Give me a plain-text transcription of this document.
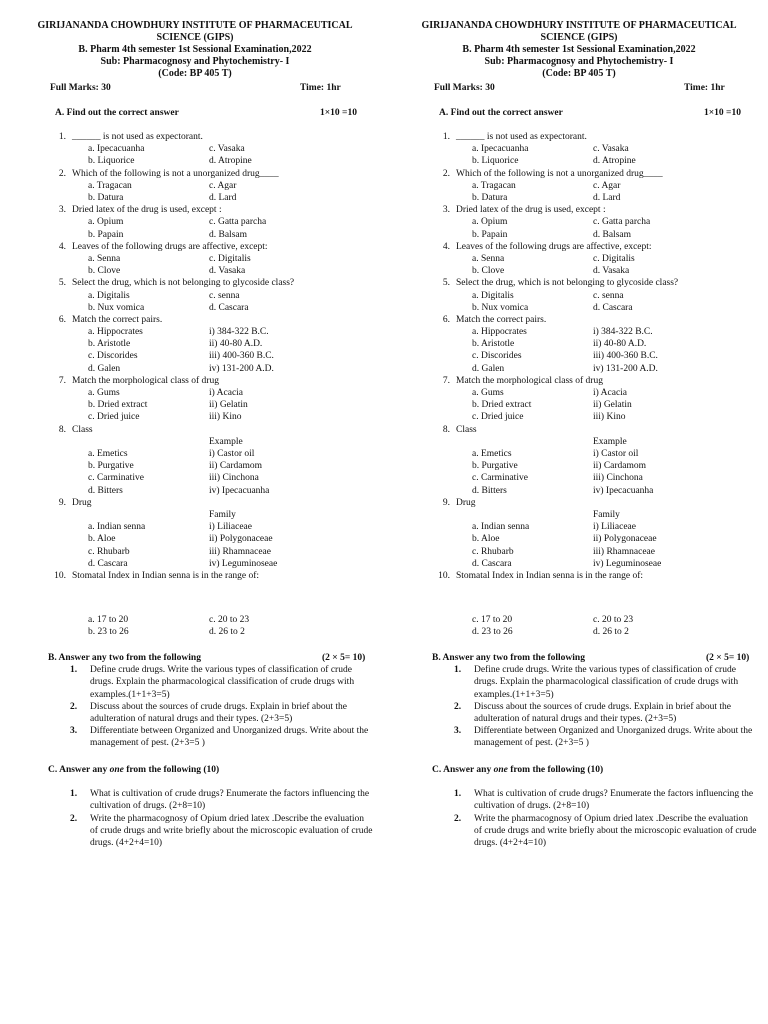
GIRIJANANDA CHOWDHURY INSTITUTE OF PHARMACEUTICAL
SCIENCE (GIPS)
B. Pharm 4th semester 1st Sessional Examination,2022
Sub: Pharmacognosy and Phytochemistry- I
(Code: BP 405 T)
Full Marks: 30	Time: 1hr
A. Find out the correct answer	1×10 =10
1. ______ is not used as expectorant.
a. Ipecacuanha	c. Vasaka
b. Liquorice	d. Atropine
2. Which of the following is not a unorganized drug____
a. Tragacan	c. Agar
b. Datura	d. Lard
3. Dried latex of the drug is used, except :
a. Opium	c. Gatta parcha
b. Papain	d. Balsam
4. Leaves of the following drugs are affective, except:
a. Senna	c. Digitalis
b. Clove	d. Vasaka
5. Select the drug, which is not belonging to glycoside class?
a. Digitalis	c. senna
b. Nux vomica	d. Cascara
6. Match the correct pairs.
a. Hippocrates	i) 384-322 B.C.
b. Aristotle	ii) 40-80 A.D.
c. Discorides	iii) 400-360 B.C.
d. Galen	iv) 131-200 A.D.
7. Match the morphological class of drug
a. Gums	i) Acacia
b. Dried extract	ii) Gelatin
c. Dried juice	iii) Kino
8. Class
Example
a. Emetics	i) Castor oil
b. Purgative	ii) Cardamom
c. Carminative	iii) Cinchona
d. Bitters	iv) Ipecacuanha
9. Drug
Family
a. Indian senna	i) Liliaceae
b. Aloe	ii) Polygonaceae
c. Rhubarb	iii) Rhamnaceae
d. Cascara	iv) Leguminoseae
10. Stomatal Index in Indian senna is in the range of:
a. 17 to 20	c. 20 to 23
b. 23 to 26	d. 26 to 2
B. Answer any two from the following	(2 × 5= 10)
1. Define crude drugs. Write the various types of classification of crude drugs. Explain the pharmacological classification of crude drugs with examples.(1+1+3=5)
2. Discuss about the sources of crude drugs. Explain in brief about the adulteration of natural drugs and their types. (2+3=5)
3. Differentiate between Organized and Unorganized drugs. Write about the management of pest. (2+3=5 )
C. Answer any one from the following (10)
1. What is cultivation of crude drugs? Enumerate the factors influencing the cultivation of drugs. (2+8=10)
2. Write the pharmacognosy of Opium dried latex .Describe the evaluation of crude drugs and write briefly about the microscopic evaluation of crude drugs. (4+2+4=10)
GIRIJANANDA CHOWDHURY INSTITUTE OF PHARMACEUTICAL
SCIENCE (GIPS)
B. Pharm 4th semester 1st Sessional Examination,2022
Sub: Pharmacognosy and Phytochemistry- I
(Code: BP 405 T)
Full Marks: 30	Time: 1hr
A. Find out the correct answer	1×10 =10
1. ______ is not used as expectorant.
a. Ipecacuanha	c. Vasaka
b. Liquorice	d. Atropine
2. Which of the following is not a unorganized drug____
a. Tragacan	c. Agar
b. Datura	d. Lard
3. Dried latex of the drug is used, except :
a. Opium	c. Gatta parcha
b. Papain	d. Balsam
4. Leaves of the following drugs are affective, except:
a. Senna	c. Digitalis
b. Clove	d. Vasaka
5. Select the drug, which is not belonging to glycoside class?
a. Digitalis	c. senna
b. Nux vomica	d. Cascara
6. Match the correct pairs.
a. Hippocrates	i) 384-322 B.C.
b. Aristotle	ii) 40-80 A.D.
c. Discorides	iii) 400-360 B.C.
d. Galen	iv) 131-200 A.D.
7. Match the morphological class of drug
a. Gums	i) Acacia
b. Dried extract	ii) Gelatin
c. Dried juice	iii) Kino
8. Class
Example
a. Emetics	i) Castor oil
b. Purgative	ii) Cardamom
c. Carminative	iii) Cinchona
d. Bitters	iv) Ipecacuanha
9. Drug
Family
a. Indian senna	i) Liliaceae
b. Aloe	ii) Polygonaceae
c. Rhubarb	iii) Rhamnaceae
d. Cascara	iv) Leguminoseae
10. Stomatal Index in Indian senna is in the range of:
c. 17 to 20	c. 20 to 23
d. 23 to 26	d. 26 to 2
B. Answer any two from the following	(2 × 5= 10)
1. Define crude drugs. Write the various types of classification of crude drugs. Explain the pharmacological classification of crude drugs with examples.(1+1+3=5)
2. Discuss about the sources of crude drugs. Explain in brief about the adulteration of natural drugs and their types. (2+3=5)
3. Differentiate between Organized and Unorganized drugs. Write about the management of pest. (2+3=5 )
C. Answer any one from the following (10)
1. What is cultivation of crude drugs? Enumerate the factors influencing the cultivation of drugs. (2+8=10)
2. Write the pharmacognosy of Opium dried latex .Describe the evaluation of crude drugs and write briefly about the microscopic evaluation of crude drugs. (4+2+4=10)
